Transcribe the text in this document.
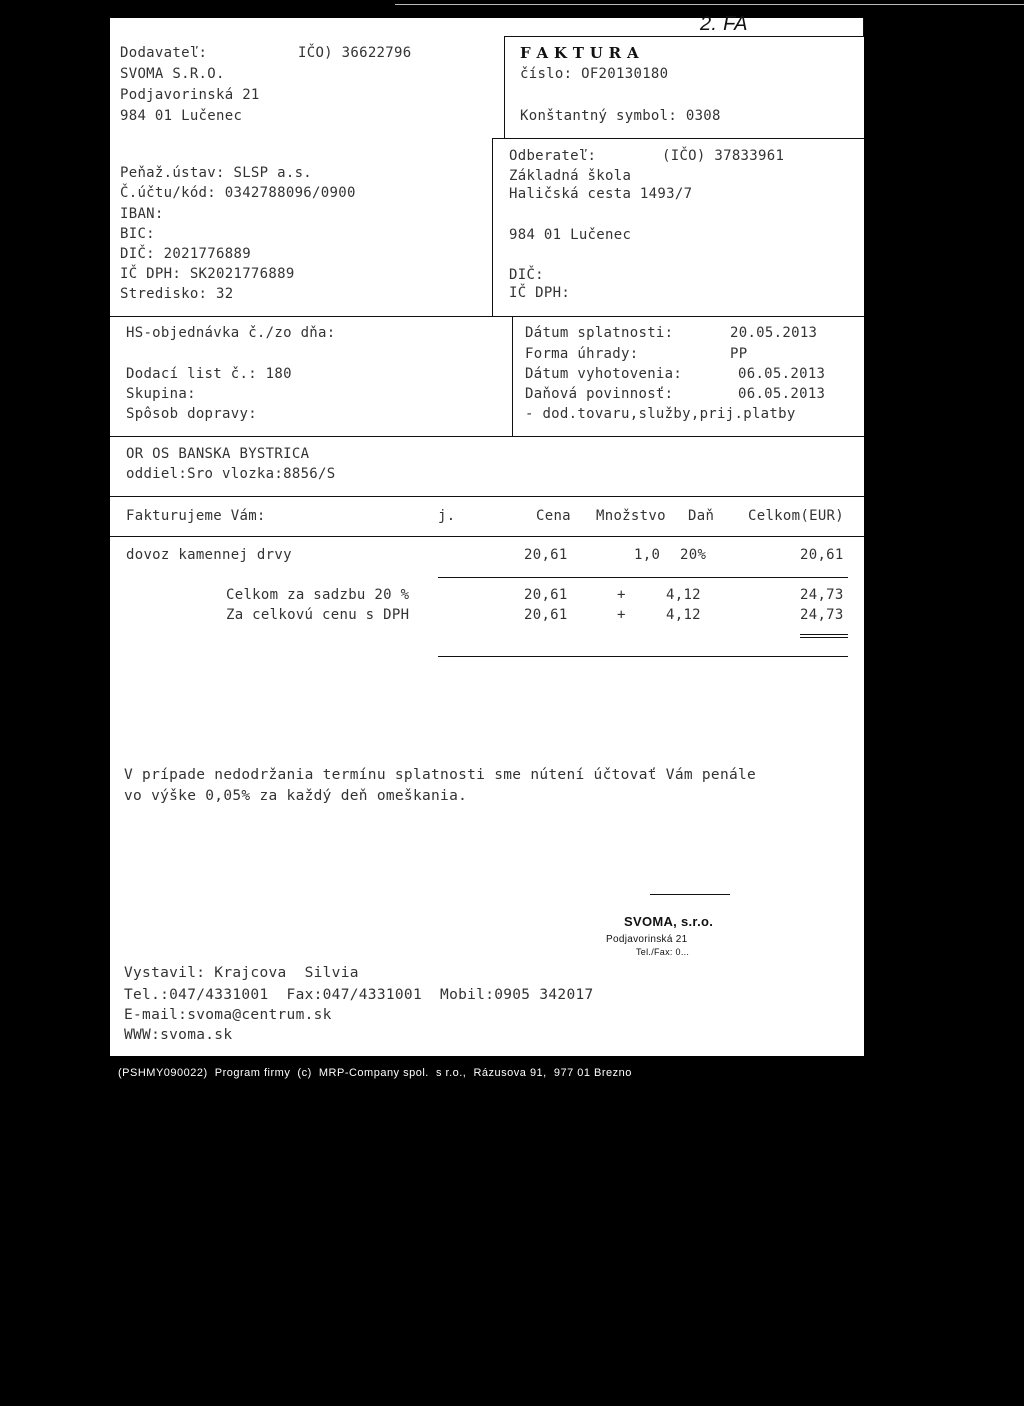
2. FA
Dodavateľ:	IČO) 36622796
SVOMA S.R.O.
Podjavorinská 21
984 01 Lučenec
Peňaž.ústav: SLSP a.s.
Č.účtu/kód: 0342788096/0900
IBAN:
BIC:
DIČ: 2021776889
IČ DPH: SK2021776889
Stredisko: 32
F A K T U R A
číslo: OF20130180
Konštantný symbol: 0308
Odberateľ:	(IČO) 37833961
Základná škola
Haličská cesta 1493/7
984 01 Lučenec
DIČ:
IČ DPH:
HS-objednávka č./zo dňa:
Dodací list č.: 180
Skupina:
Spôsob dopravy:
Dátum splatnosti:	20.05.2013
Forma úhrady:	PP
Dátum vyhotovenia:	06.05.2013
Daňová povinnosť:	06.05.2013
- dod.tovaru,služby,prij.platby
OR OS BANSKA BYSTRICA
oddiel:Sro vlozka:8856/S
Fakturujeme Vám:	j.	Cena Množstvo Daň Celkom(EUR)
dovoz kamennej drvy	20,61	1,0 20%	20,61
Celkom za sadzbu 20 %	20,61	+	4,12	24,73
Za celkovú cenu s DPH	20,61	+	4,12	24,73
V prípade nedodržania termínu splatnosti sme nútení účtovať Vám penále
vo výške 0,05% za každý deň omeškania.
SVOMA, s.r.o.
Podjavorinská 21
Tel./Fax: 0...
Vystavil: Krajcova  Silvia
Tel.:047/4331001  Fax:047/4331001  Mobil:0905 342017
E-mail:svoma@centrum.sk
WWW:svoma.sk
(PSHMY090022)  Program firmy  (c)  MRP-Company spol.  s r.o.,  Rázusova 91,  977 01 Brezno
